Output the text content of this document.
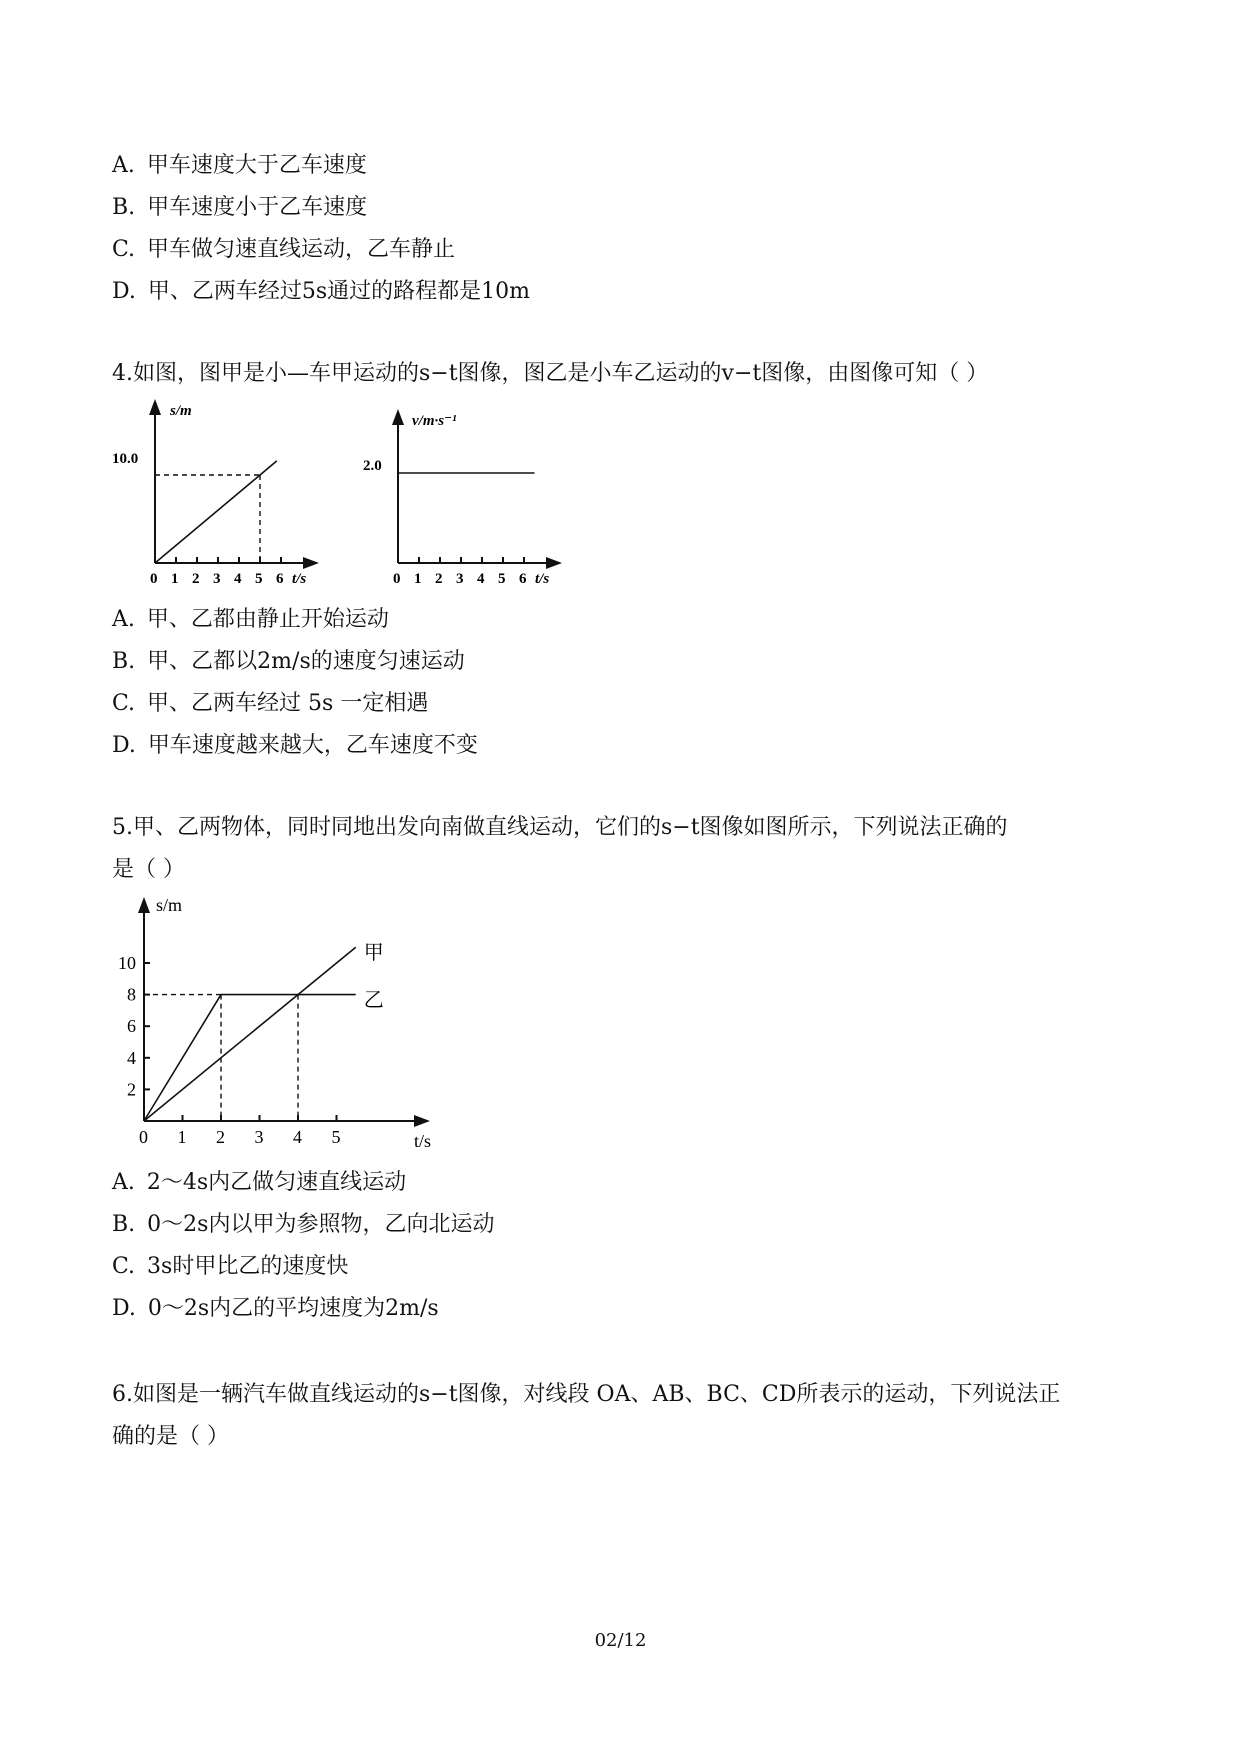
A. 甲车速度大于乙车速度
B. 甲车速度小于乙车速度
C. 甲车做匀速直线运动，乙车静止
D. 甲、乙两车经过5s通过的路程都是10m
4.如图，图甲是小—车甲运动的s−t图像，图乙是小车乙运动的v−t图像，由图像可知（ ）
s/m
t/s
10.0
0 1 2 3 4 5 6
v/m·s⁻¹
t/s
2.0
0 1 2 3 4 5 6
A. 甲、乙都由静止开始运动
B. 甲、乙都以2m/s的速度匀速运动
C. 甲、乙两车经过 5s 一定相遇
D. 甲车速度越来越大，乙车速度不变
5.甲、乙两物体，同时同地出发向南做直线运动，它们的s−t图像如图所示，下列说法正确的
是（ ）
s/m
t/s
0 1 2 3 4 5
2
4
6
8
10	甲
乙
A. 2～4s内乙做匀速直线运动
B. 0～2s内以甲为参照物，乙向北运动
C. 3s时甲比乙的速度快
D. 0～2s内乙的平均速度为2m/s
6.如图是一辆汽车做直线运动的s−t图像，对线段 OA、AB、BC、CD所表示的运动，下列说法正
确的是（ ）
02/12
